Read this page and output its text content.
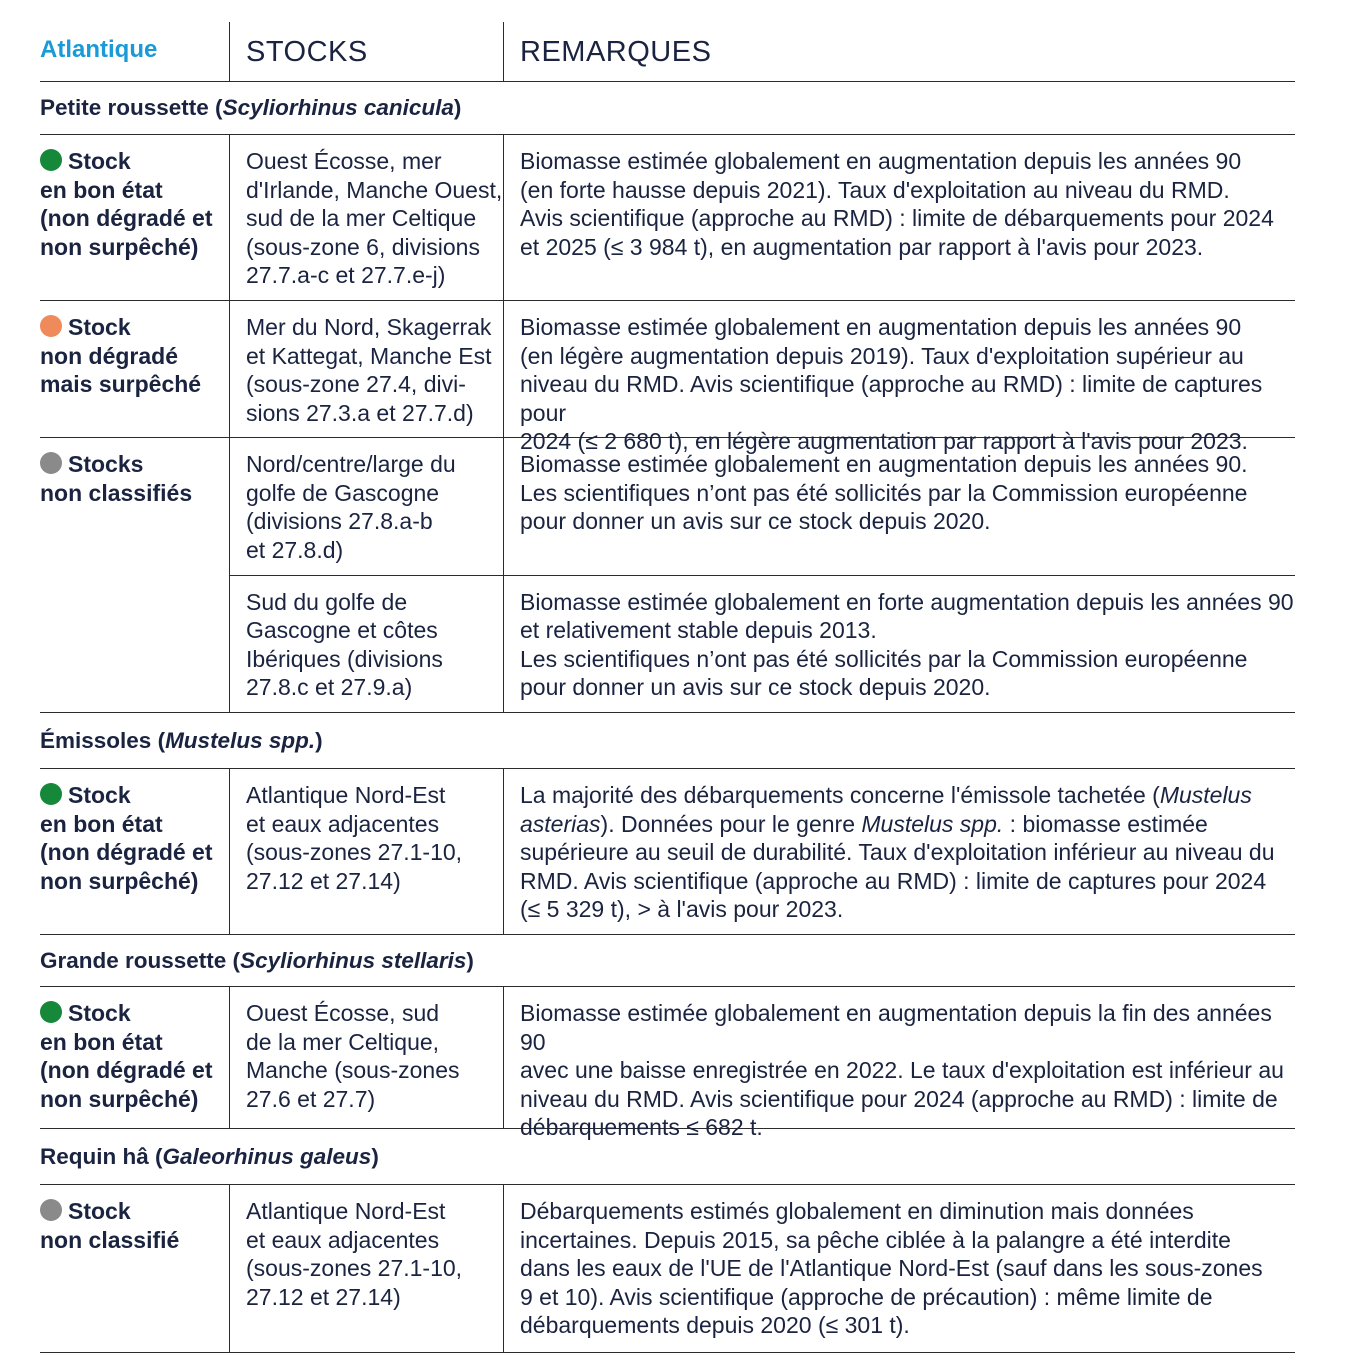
Atlantique	STOCKS	REMARQUES
Petite roussette (Scyliorhinus canicula)
Stock
en bon état
(non dégradé et
non surpêché)
Ouest Écosse, mer
d'Irlande, Manche Ouest,
sud de la mer Celtique
(sous-zone 6, divisions
27.7.a-c et 27.7.e-j)
Biomasse estimée globalement en augmentation depuis les années 90
(en forte hausse depuis 2021). Taux d'exploitation au niveau du RMD.
Avis scientifique (approche au RMD) : limite de débarquements pour 2024
et 2025 (≤ 3 984 t), en augmentation par rapport à l'avis pour 2023.
Stock
non dégradé
mais surpêché
Mer du Nord, Skagerrak
et Kattegat, Manche Est
(sous-zone 27.4, divi-
sions 27.3.a et 27.7.d)
Biomasse estimée globalement en augmentation depuis les années 90
(en légère augmentation depuis 2019). Taux d'exploitation supérieur au
niveau du RMD. Avis scientifique (approche au RMD) : limite de captures pour
2024 (≤ 2 680 t), en légère augmentation par rapport à l'avis pour 2023.
Stocks
non classifiés
Nord/centre/large du
golfe de Gascogne
(divisions 27.8.a-b
et 27.8.d)
Biomasse estimée globalement en augmentation depuis les années 90.
Les scientifiques n’ont pas été sollicités par la Commission européenne
pour donner un avis sur ce stock depuis 2020.
Sud du golfe de
Gascogne et côtes
Ibériques (divisions
27.8.c et 27.9.a)
Biomasse estimée globalement en forte augmentation depuis les années 90
et relativement stable depuis 2013.
Les scientifiques n’ont pas été sollicités par la Commission européenne
pour donner un avis sur ce stock depuis 2020.
Émissoles (Mustelus spp.)
Stock
en bon état
(non dégradé et
non surpêché)
Atlantique Nord-Est
et eaux adjacentes
(sous-zones 27.1-10,
27.12 et 27.14)
La majorité des débarquements concerne l'émissole tachetée (Mustelus
asterias). Données pour le genre Mustelus spp. : biomasse estimée
supérieure au seuil de durabilité. Taux d'exploitation inférieur au niveau du
RMD. Avis scientifique (approche au RMD) : limite de captures pour 2024
(≤ 5 329 t), > à l'avis pour 2023.
Grande roussette (Scyliorhinus stellaris)
Stock
en bon état
(non dégradé et
non surpêché)
Ouest Écosse, sud
de la mer Celtique,
Manche (sous-zones
27.6 et 27.7)
Biomasse estimée globalement en augmentation depuis la fin des années 90
avec une baisse enregistrée en 2022. Le taux d'exploitation est inférieur au
niveau du RMD. Avis scientifique pour 2024 (approche au RMD) : limite de
débarquements ≤ 682 t.
Requin hâ (Galeorhinus galeus)
Stock
non classifié
Atlantique Nord-Est
et eaux adjacentes
(sous-zones 27.1-10,
27.12 et 27.14)
Débarquements estimés globalement en diminution mais données
incertaines. Depuis 2015, sa pêche ciblée à la palangre a été interdite
dans les eaux de l'UE de l'Atlantique Nord-Est (sauf dans les sous-zones
9 et 10). Avis scientifique (approche de précaution) : même limite de
débarquements depuis 2020 (≤ 301 t).
